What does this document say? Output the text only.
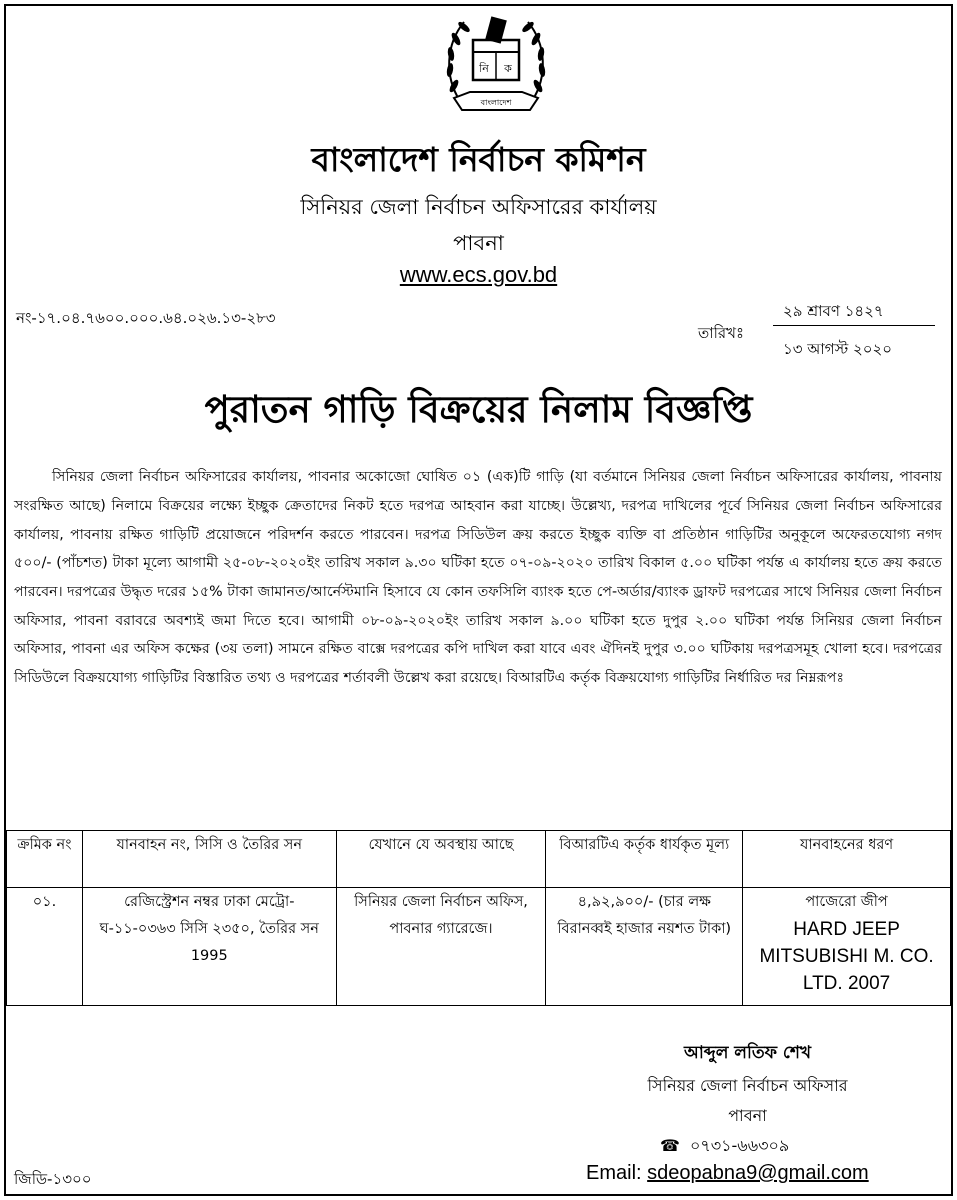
নি ক
বাংলাদেশ
বাংলাদেশ নির্বাচন কমিশন
সিনিয়র জেলা নির্বাচন অফিসারের কার্যালয়
পাবনা
www.ecs.gov.bd
নং-১৭.০৪.৭৬০০.০০০.৬৪.০২৬.১৩-২৮৩
তারিখঃ
২৯ শ্রাবণ ১৪২৭
১৩ আগস্ট ২০২০
পুরাতন গাড়ি বিক্রয়ের নিলাম বিজ্ঞপ্তি

সিনিয়র জেলা নির্বাচন অফিসারের কার্যালয়, পাবনার অকোজো ঘোষিত ০১ (এক)টি গাড়ি (যা বর্তমানে সিনিয়র জেলা নির্বাচন অফিসারের কার্যালয়, পাবনায় সংরক্ষিত আছে) নিলামে বিক্রয়ের লক্ষ্যে ইচ্ছুক ক্রেতাদের নিকট হতে দরপত্র আহবান করা যাচ্ছে। উল্লেখ্য, দরপত্র দাখিলের পূর্বে সিনিয়র জেলা নির্বাচন অফিসারের কার্যালয়, পাবনায় রক্ষিত গাড়িটি প্রয়োজনে পরিদর্শন করতে পারবেন। দরপত্র সিডিউল ক্রয় করতে ইচ্ছুক ব্যক্তি বা প্রতিষ্ঠান গাড়িটির অনুকূলে অফেরতযোগ্য নগদ ৫০০/- (পাঁচশত) টাকা মূল্যে আগামী ২৫-০৮-২০২০ইং তারিখ সকাল ৯.৩০ ঘটিকা হতে ০৭-০৯-২০২০ তারিখ বিকাল ৫.০০ ঘটিকা পর্যন্ত এ কার্যালয় হতে ক্রয় করতে পারবেন। দরপত্রের উদ্ধৃত দরের ১৫% টাকা জামানত/আর্নেস্টমানি হিসাবে যে কোন তফসিলি ব্যাংক হতে পে-অর্ডার/ব্যাংক ড্রাফট দরপত্রের সাথে সিনিয়র জেলা নির্বাচন অফিসার, পাবনা বরাবরে অবশ্যই জমা দিতে হবে। আগামী ০৮-০৯-২০২০ইং তারিখ সকাল ৯.০০ ঘটিকা হতে দুপুর ২.০০ ঘটিকা পর্যন্ত সিনিয়র জেলা নির্বাচন অফিসার, পাবনা এর অফিস কক্ষের (৩য় তলা) সামনে রক্ষিত বাক্সে দরপত্রের কপি দাখিল করা যাবে এবং ঐদিনই দুপুর ৩.০০ ঘটিকায় দরপত্রসমূহ খোলা হবে। দরপত্রের সিডিউলে বিক্রয়যোগ্য গাড়িটির বিস্তারিত তথ্য ও দরপত্রের শর্তাবলী উল্লেখ করা রয়েছে। বিআরটিএ কর্তৃক বিক্রয়যোগ্য গাড়িটির নির্ধারিত দর নিম্নরূপঃ

ক্রমিক নং	যানবাহন নং, সিসি ও তৈরির সন	যেখানে যে অবস্থায় আছে	বিআরটিএ কর্তৃক ধার্যকৃত মূল্য	যানবাহনের ধরণ
০১.	রেজিস্ট্রেশন নম্বর ঢাকা মেট্রো-ঘ-১১-০৩৬৩ সিসি ২৩৫০, তৈরির সন 1995	সিনিয়র জেলা নির্বাচন অফিস, পাবনার গ্যারেজে।	৪,৯২,৯০০/- (চার লক্ষ বিরানব্বই হাজার নয়শত টাকা)	পাজেরো জীপ
HARD JEEP MITSUBISHI M. CO. LTD. 2007
আব্দুল লতিফ শেখ
সিনিয়র জেলা নির্বাচন অফিসার
পাবনা
☎ ০৭৩১-৬৬৩০৯
Email: sdeopabna9@gmail.com
জিডি-১৩০০
